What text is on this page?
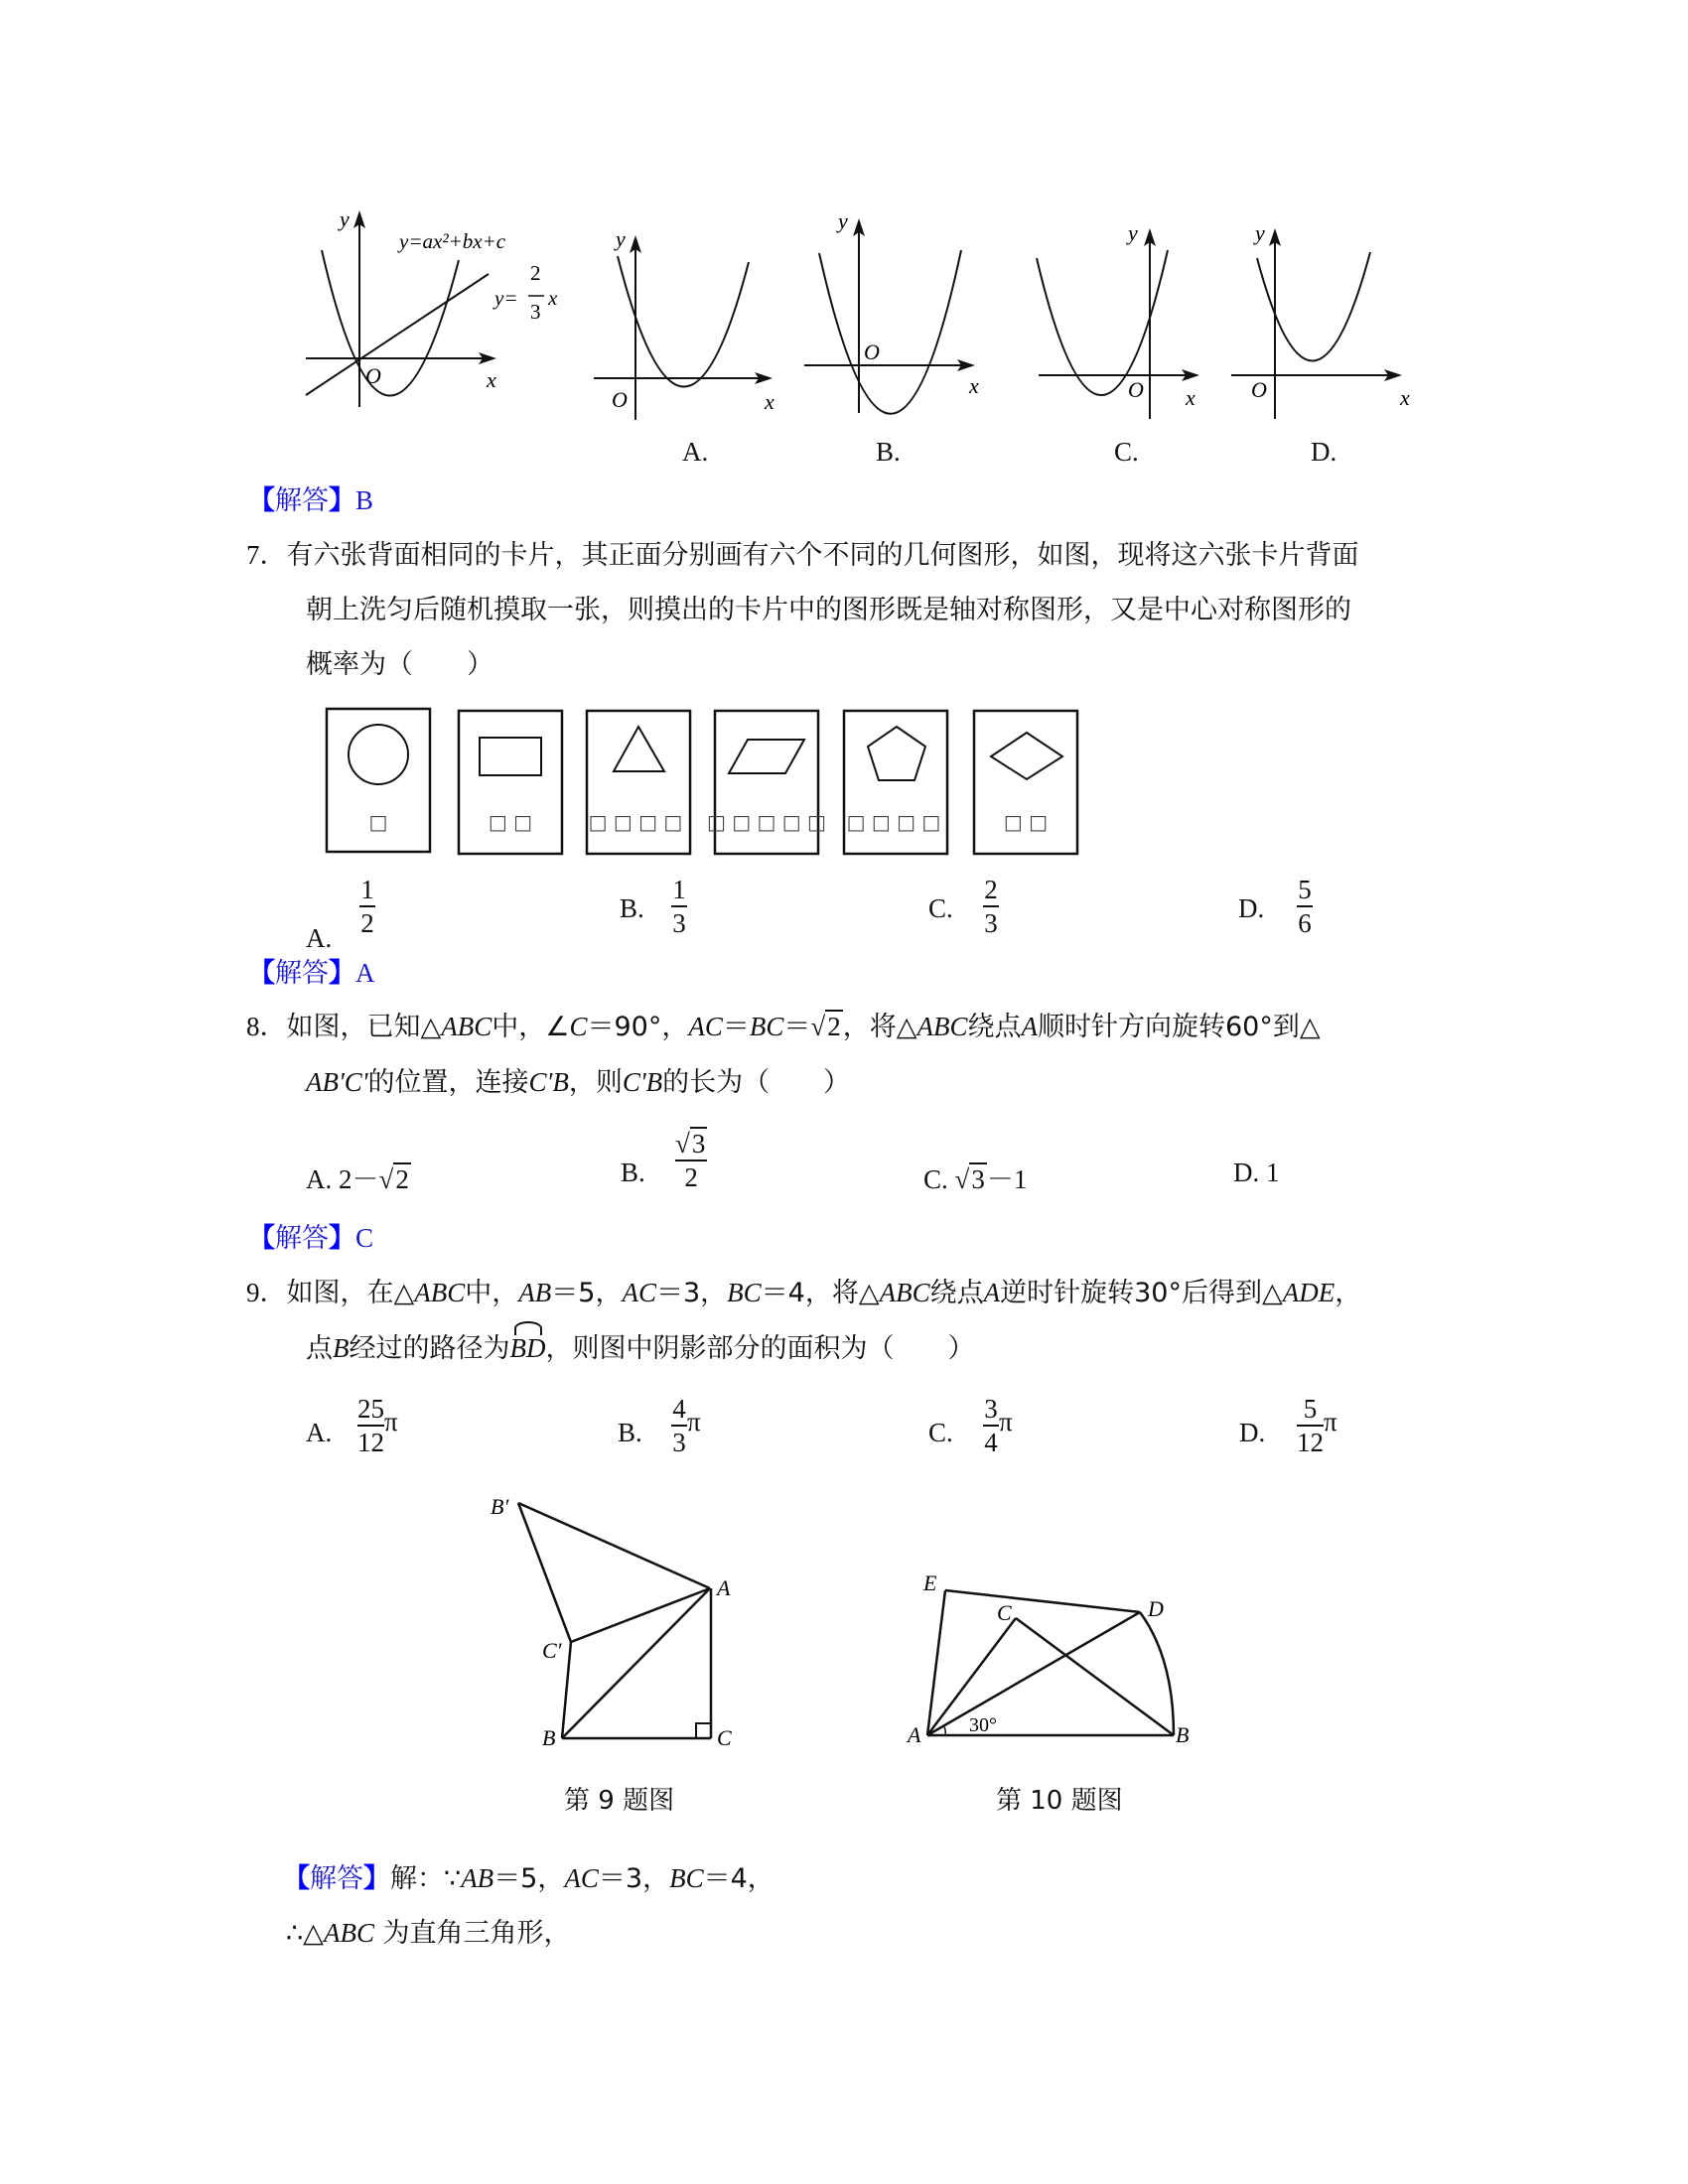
y
x
O
y=ax²+bx+c
y=
2
3
x
y
x
O
A.
y
x
O
B.
y
x
O
C.
y
x
O
D.
【解答】B
7．有六张背面相同的卡片，其正面分别画有六个不同的几何图形，如图，现将这六张卡片背面
朝上洗匀后随机摸取一张，则摸出的卡片中的图形既是轴对称图形，又是中心对称图形的
概率为（　　）
□	□ □	□ □ □ □ □ □ □ □ □ □ □ □ □	□ □
A.
$\frac{1}{2}$	B. $\frac{1}{3}$	C. $\frac{2}{3}$	D. $\frac{5}{6}$
【解答】A
8．如图，已知△ABC中，∠C＝90°，AC＝BC＝√2，将△ABC绕点A顺时针方向旋转60°到△
AB'C'的位置，连接C'B，则C'B的长为（　　）
A. 2－√2	B. $\frac{√3}{2}$	C. √3－1	D. 1
【解答】C
9．如图，在△ABC中，AB＝5，AC＝3，BC＝4，将△ABC绕点A逆时针旋转30°后得到△ADE，
点B经过的路径为
BD，则图中阴影部分的面积为（　　）
A. $\frac{25}{12}$ π	B. $\frac{4}{3}$ π	C. $\frac{3}{4}$ π	D. $\frac{5}{12}$ π
B′
A
C′
B	C
第 9 题图
E
C	D
A	B
30°
第 10 题图
【解答】解：∵AB＝5，AC＝3，BC＝4，
∴△ABC 为直角三角形，
